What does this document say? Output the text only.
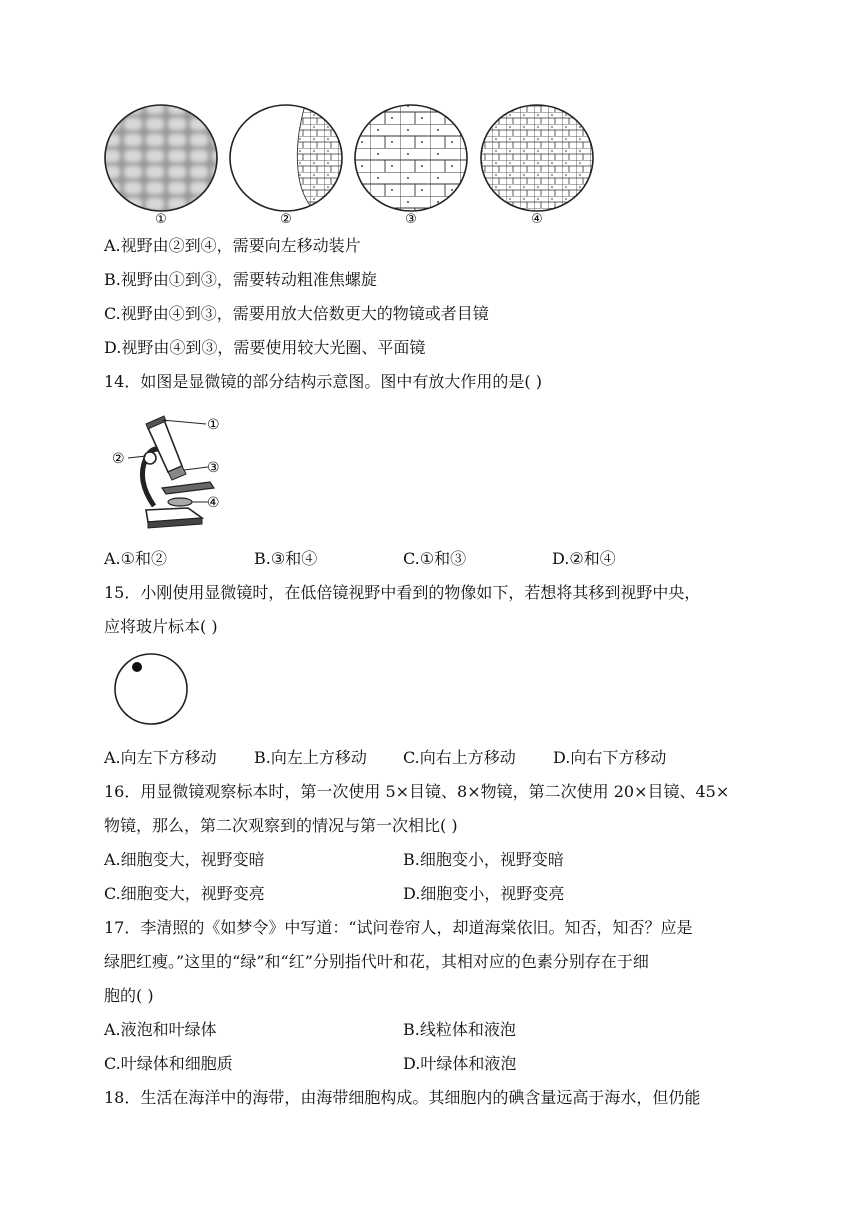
①	②	③	④
A.视野由②到④，需要向左移动装片
B.视野由①到③，需要转动粗准焦螺旋
C.视野由④到③，需要用放大倍数更大的物镜或者目镜
D.视野由④到③，需要使用较大光圈、平面镜
14．如图是显微镜的部分结构示意图。图中有放大作用的是( )
①
②
③
④
A.①和②	B.③和④	C.①和③	D.②和④
15．小刚使用显微镜时，在低倍镜视野中看到的物像如下，若想将其移到视野中央，
应将玻片标本( )
A.向左下方移动 B.向左上方移动 C.向右上方移动 D.向右下方移动
16．用显微镜观察标本时，第一次使用 5×目镜、8×物镜，第二次使用 20×目镜、45×
物镜，那么，第二次观察到的情况与第一次相比( )
A.细胞变大，视野变暗	B.细胞变小，视野变暗
C.细胞变大，视野变亮	D.细胞变小，视野变亮
17．李清照的《如梦令》中写道：“试问卷帘人，却道海棠依旧。知否，知否？应是
绿肥红瘦。”这里的“绿”和“红”分别指代叶和花，其相对应的色素分别存在于细
胞的( )
A.液泡和叶绿体	B.线粒体和液泡
C.叶绿体和细胞质	D.叶绿体和液泡
18．生活在海洋中的海带，由海带细胞构成。其细胞内的碘含量远高于海水，但仍能
